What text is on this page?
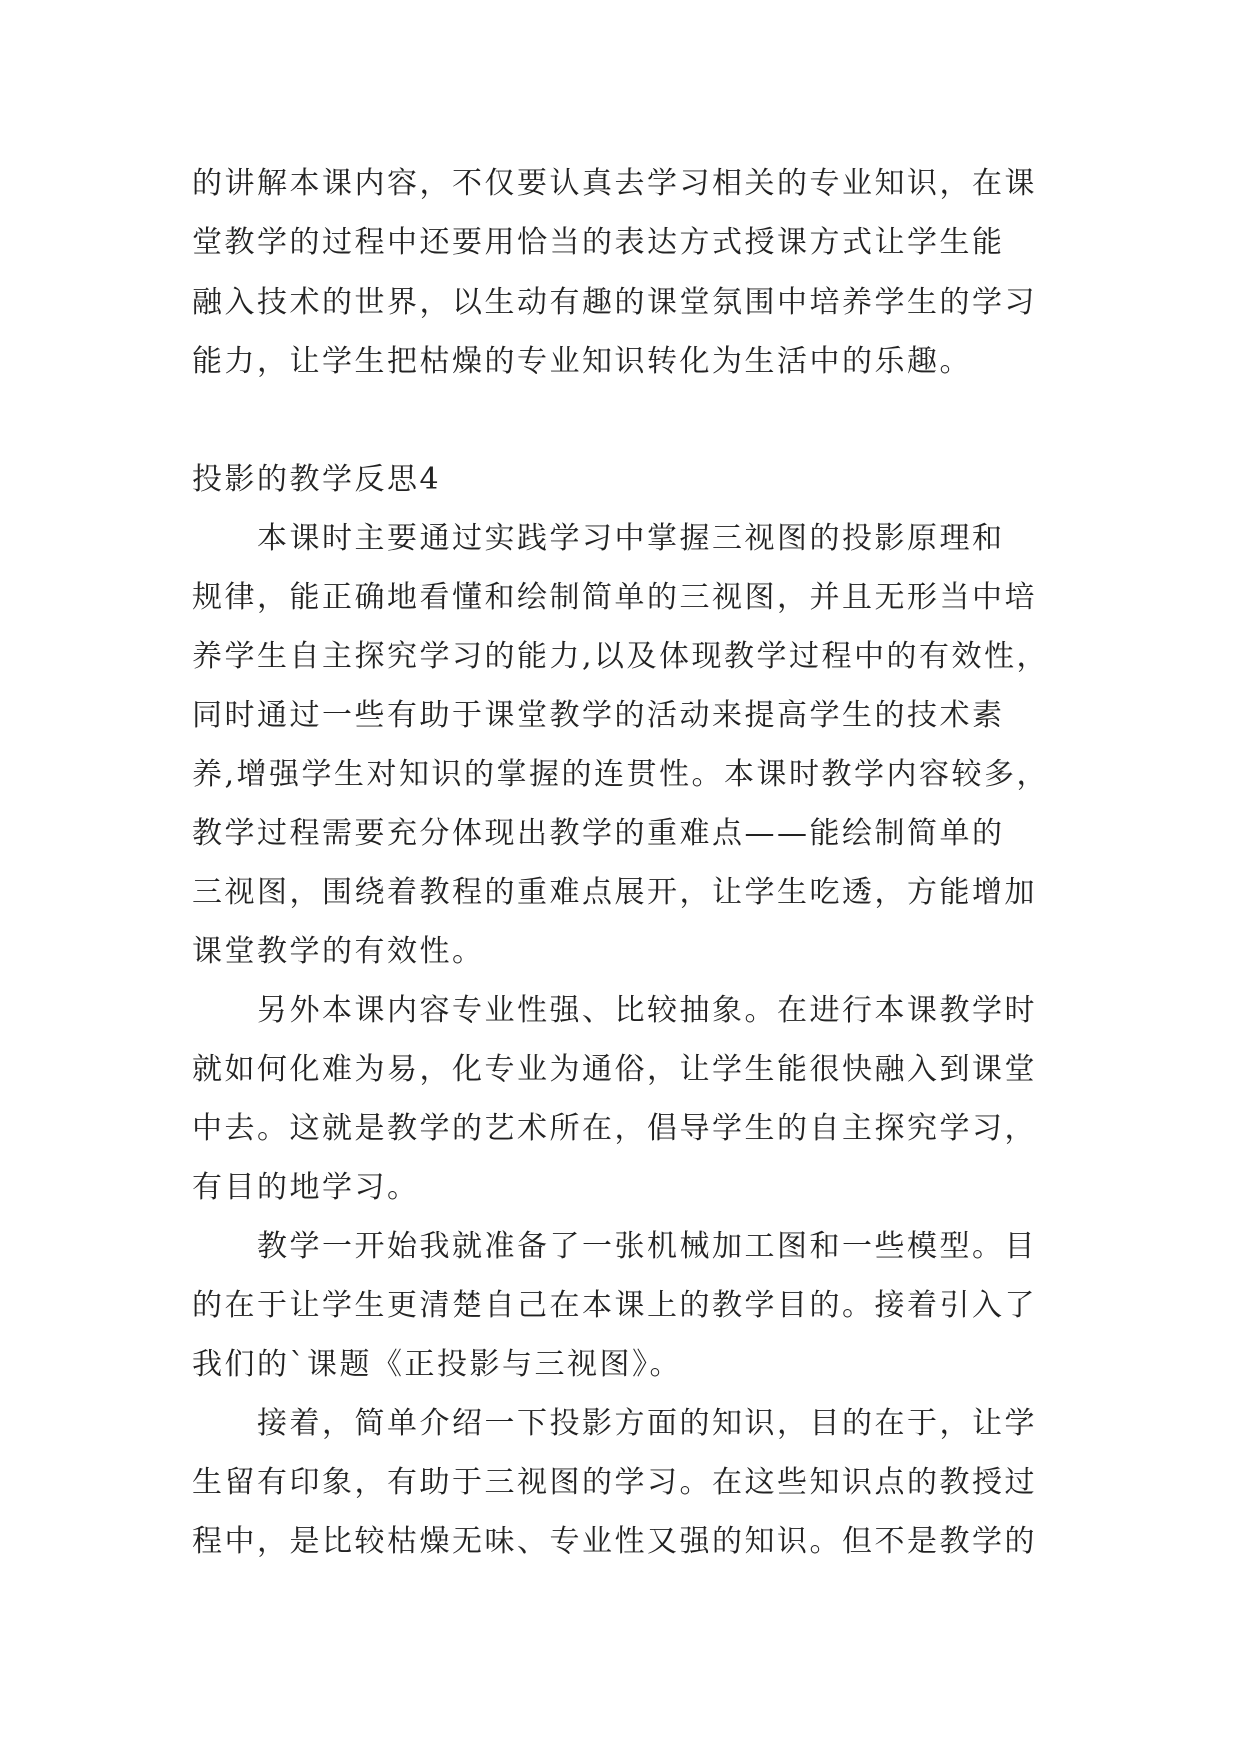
的讲解本课内容，不仅要认真去学习相关的专业知识，在课
堂教学的过程中还要用恰当的表达方式授课方式让学生能
融入技术的世界，以生动有趣的课堂氛围中培养学生的学习
能力，让学生把枯燥的专业知识转化为生活中的乐趣。
投影的教学反思4
本课时主要通过实践学习中掌握三视图的投影原理和
规律，能正确地看懂和绘制简单的三视图，并且无形当中培
养学生自主探究学习的能力,以及体现教学过程中的有效性，
同时通过一些有助于课堂教学的活动来提高学生的技术素
养,增强学生对知识的掌握的连贯性。本课时教学内容较多，
教学过程需要充分体现出教学的重难点——能绘制简单的
三视图，围绕着教程的重难点展开，让学生吃透，方能增加
课堂教学的有效性。
另外本课内容专业性强、比较抽象。在进行本课教学时
就如何化难为易，化专业为通俗，让学生能很快融入到课堂
中去。这就是教学的艺术所在，倡导学生的自主探究学习，
有目的地学习。
教学一开始我就准备了一张机械加工图和一些模型。目
的在于让学生更清楚自己在本课上的教学目的。接着引入了
我们的`课题《正投影与三视图》。
接着，简单介绍一下投影方面的知识，目的在于，让学
生留有印象，有助于三视图的学习。在这些知识点的教授过
程中，是比较枯燥无味、专业性又强的知识。但不是教学的
